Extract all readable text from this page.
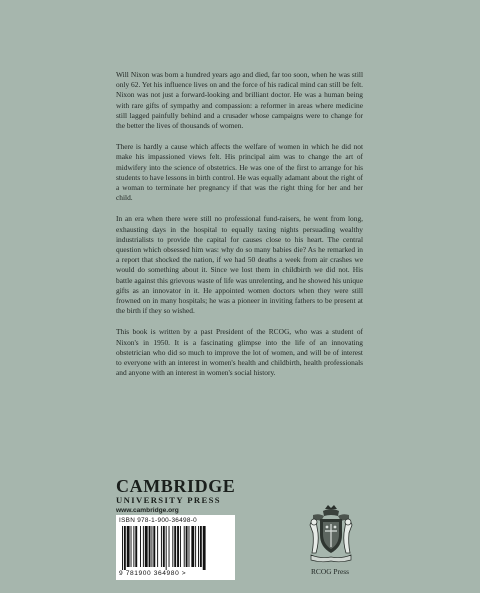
Will Nixon was born a hundred years ago and died, far too soon, when he was still only 62. Yet his influence lives on and the force of his radical mind can still be felt. Nixon was not just a forward-looking and brilliant doctor. He was a human being with rare gifts of sympathy and compassion: a reformer in areas where medicine still lagged painfully behind and a crusader whose campaigns were to change for the better the lives of thousands of women.

There is hardly a cause which affects the welfare of women in which he did not make his impassioned views felt. His principal aim was to change the art of midwifery into the science of obstetrics. He was one of the first to arrange for his students to have lessons in birth control. He was equally adamant about the right of a woman to terminate her pregnancy if that was the right thing for her and her child.

In an era when there were still no professional fund-raisers, he went from long, exhausting days in the hospital to equally taxing nights persuading wealthy industrialists to provide the capital for causes close to his heart. The central question which obsessed him was: why do so many babies die? As he remarked in a report that shocked the nation, if we had 50 deaths a week from air crashes we would do something about it. Since we lost them in childbirth we did not. His battle against this grievous waste of life was unrelenting, and he showed his unique gifts as an innovator in it. He appointed women doctors when they were still frowned on in many hospitals; he was a pioneer in inviting fathers to be present at the birth if they so wished.

This book is written by a past President of the RCOG, who was a student of Nixon's in 1950. It is a fascinating glimpse into the life of an innovating obstetrician who did so much to improve the lot of women, and will be of interest to everyone with an interest in women's health and childbirth, health professionals and anyone with an interest in women's social history.

CAMBRIDGE
UNIVERSITY PRESS
www.cambridge.org
ISBN 978-1-900-36498-0
9 781900 364980 >	RCOG Press
